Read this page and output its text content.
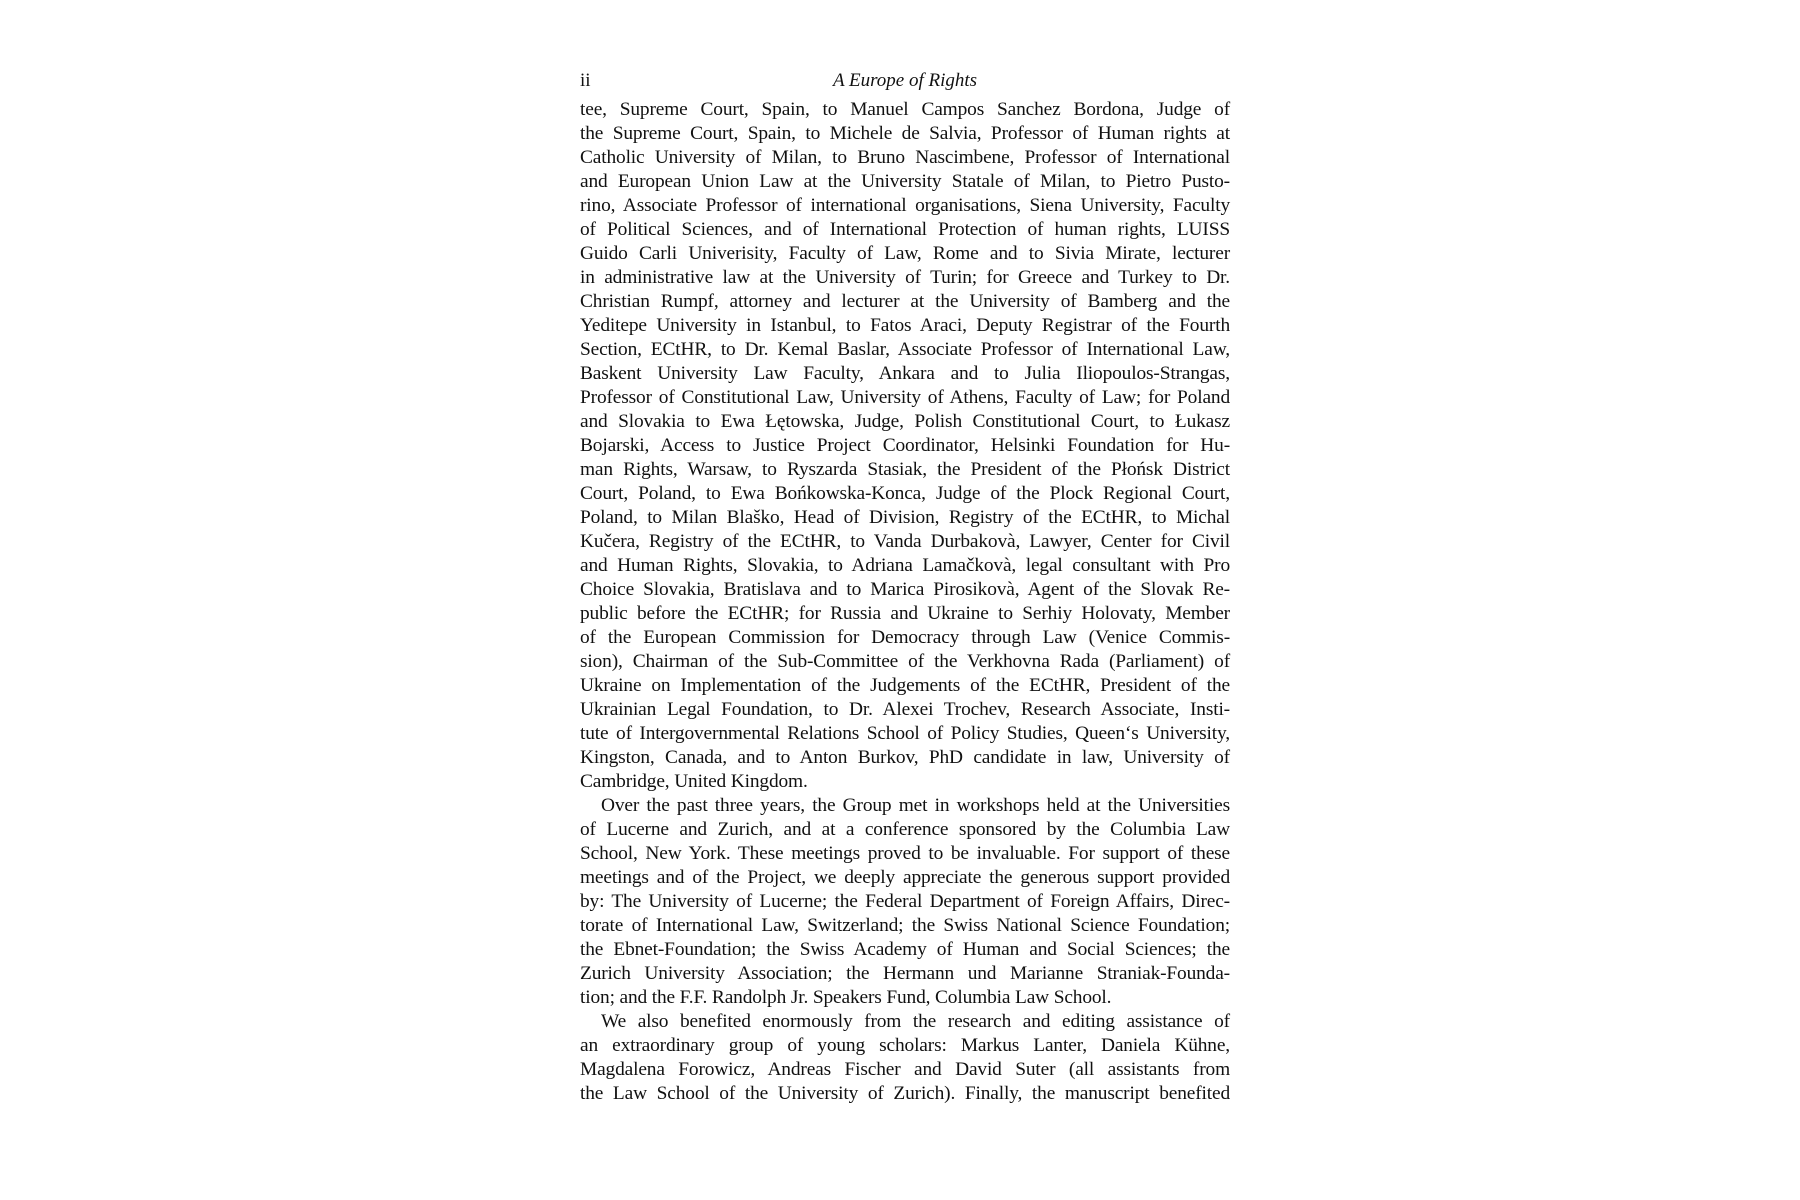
ii	A Europe of Rights
tee, Supreme Court, Spain, to Manuel Campos Sanchez Bordona, Judge of
the Supreme Court, Spain, to Michele de Salvia, Professor of Human rights at
Catholic University of Milan, to Bruno Nascimbene, Professor of International
and European Union Law at the University Statale of Milan, to Pietro Pusto-
rino, Associate Professor of international organisations, Siena University, Faculty
of Political Sciences, and of International Protection of human rights, LUISS
Guido Carli Univerisity, Faculty of Law, Rome and to Sivia Mirate, lecturer
in administrative law at the University of Turin; for Greece and Turkey to Dr.
Christian Rumpf, attorney and lecturer at the University of Bamberg and the
Yeditepe University in Istanbul, to Fatos Araci, Deputy Registrar of the Fourth
Section, ECtHR, to Dr. Kemal Baslar, Associate Professor of International Law,
Baskent University Law Faculty, Ankara and to Julia Iliopoulos-Strangas,
Professor of Constitutional Law, University of Athens, Faculty of Law; for Poland
and Slovakia to Ewa Łętowska, Judge, Polish Constitutional Court, to Łukasz
Bojarski, Access to Justice Project Coordinator, Helsinki Foundation for Hu-
man Rights, Warsaw, to Ryszarda Stasiak, the President of the Płońsk District
Court, Poland, to Ewa Bońkowska-Konca, Judge of the Plock Regional Court,
Poland, to Milan Blaško, Head of Division, Registry of the ECtHR, to Michal
Kučera, Registry of the ECtHR, to Vanda Durbakovà, Lawyer, Center for Civil
and Human Rights, Slovakia, to Adriana Lamačkovà, legal consultant with Pro
Choice Slovakia, Bratislava and to Marica Pirosikovà, Agent of the Slovak Re-
public before the ECtHR; for Russia and Ukraine to Serhiy Holovaty, Member
of the European Commission for Democracy through Law (Venice Commis-
sion), Chairman of the Sub-Committee of the Verkhovna Rada (Parliament) of
Ukraine on Implementation of the Judgements of the ECtHR, President of the
Ukrainian Legal Foundation, to Dr. Alexei Trochev, Research Associate, Insti-
tute of Intergovernmental Relations School of Policy Studies, Queen‘s University,
Kingston, Canada, and to Anton Burkov, PhD candidate in law, University of
Cambridge, United Kingdom.
Over the past three years, the Group met in workshops held at the Universities
of Lucerne and Zurich, and at a conference sponsored by the Columbia Law
School, New York. These meetings proved to be invaluable. For support of these
meetings and of the Project, we deeply appreciate the generous support provided
by: The University of Lucerne; the Federal Department of Foreign Affairs, Direc-
torate of International Law, Switzerland; the Swiss National Science Foundation;
the Ebnet-Foundation; the Swiss Academy of Human and Social Sciences; the
Zurich University Association; the Hermann und Marianne Straniak-Founda-
tion; and the F.F. Randolph Jr. Speakers Fund, Columbia Law School.
We also benefited enormously from the research and editing assistance of
an extraordinary group of young scholars: Markus Lanter, Daniela Kühne,
Magdalena Forowicz, Andreas Fischer and David Suter (all assistants from
the Law School of the University of Zurich). Finally, the manuscript benefited
